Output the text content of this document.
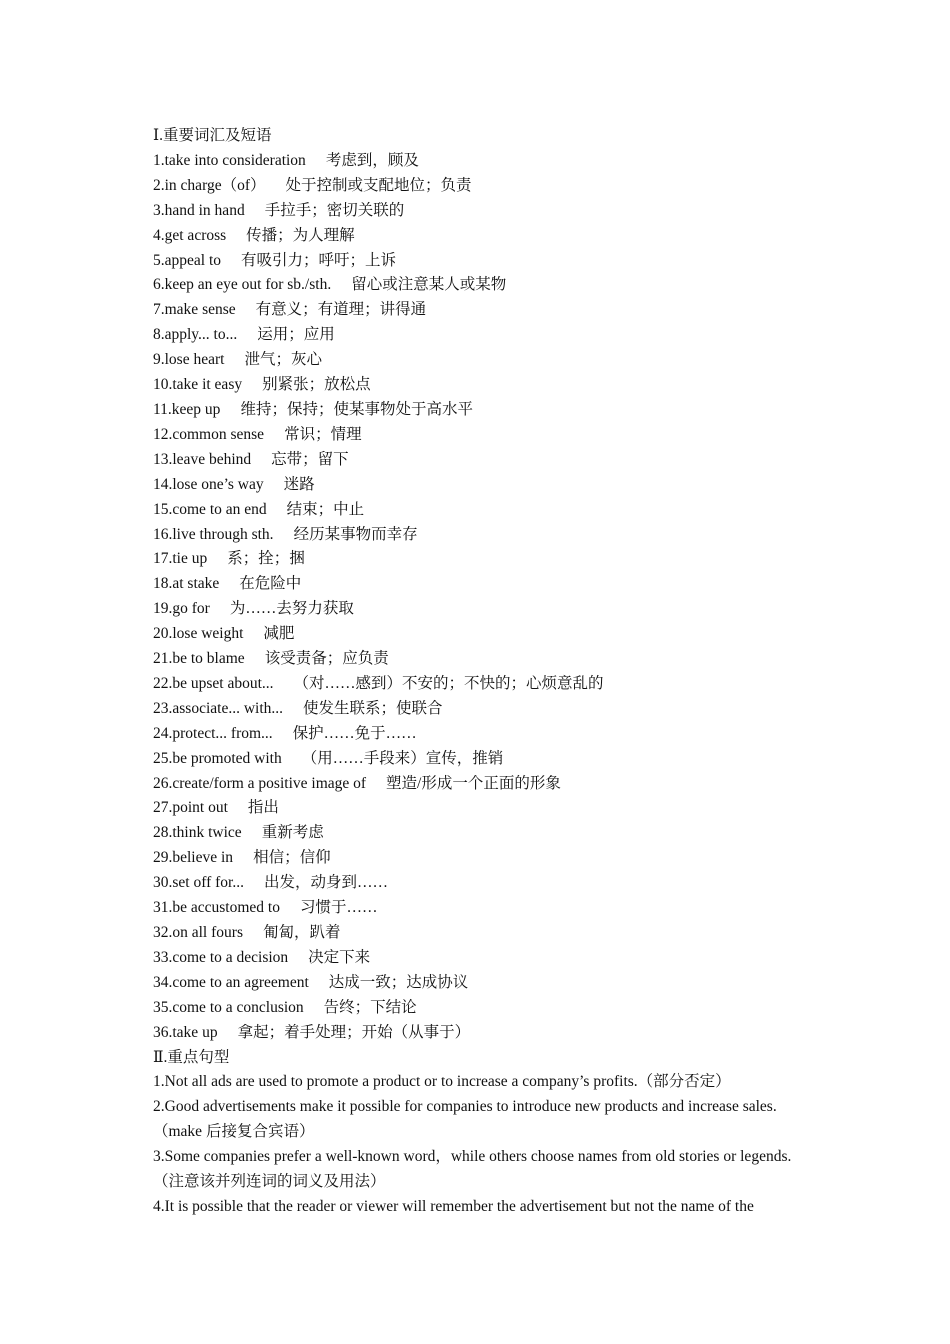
Ⅰ.重要词汇及短语
1.take into consideration 考虑到，顾及
2.in charge（of） 处于控制或支配地位；负责
3.hand in hand 手拉手；密切关联的
4.get across 传播；为人理解
5.appeal to 有吸引力；呼吁；上诉
6.keep an eye out for sb./sth. 留心或注意某人或某物
7.make sense 有意义；有道理；讲得通
8.apply... to... 运用；应用
9.lose heart 泄气；灰心
10.take it easy 别紧张；放松点
11.keep up 维持；保持；使某事物处于高水平
12.common sense 常识；情理
13.leave behind 忘带；留下
14.lose one’s way 迷路
15.come to an end 结束；中止
16.live through sth. 经历某事物而幸存
17.tie up 系；拴；捆
18.at stake 在危险中
19.go for 为……去努力获取
20.lose weight 减肥
21.be to blame 该受责备；应负责
22.be upset about... （对……感到）不安的；不快的；心烦意乱的
23.associate... with... 使发生联系；使联合
24.protect... from... 保护……免于……
25.be promoted with （用……手段来）宣传，推销
26.create/form a positive image of 塑造/形成一个正面的形象
27.point out 指出
28.think twice 重新考虑
29.believe in 相信；信仰
30.set off for... 出发，动身到……
31.be accustomed to 习惯于……
32.on all fours 匍匐，趴着
33.come to a decision 决定下来
34.come to an agreement 达成一致；达成协议
35.come to a conclusion 告终；下结论
36.take up 拿起；着手处理；开始（从事于）
Ⅱ.重点句型
1.Not all ads are used to promote a product or to increase a company’s profits.（部分否定）
2.Good advertisements make it possible for companies to introduce new products and increase sales.（make 后接复合宾语）
3.Some companies prefer a well-known word，while others choose names from old stories or legends.（注意该并列连词的词义及用法）
4.It is possible that the reader or viewer will remember the advertisement but not the name of the
